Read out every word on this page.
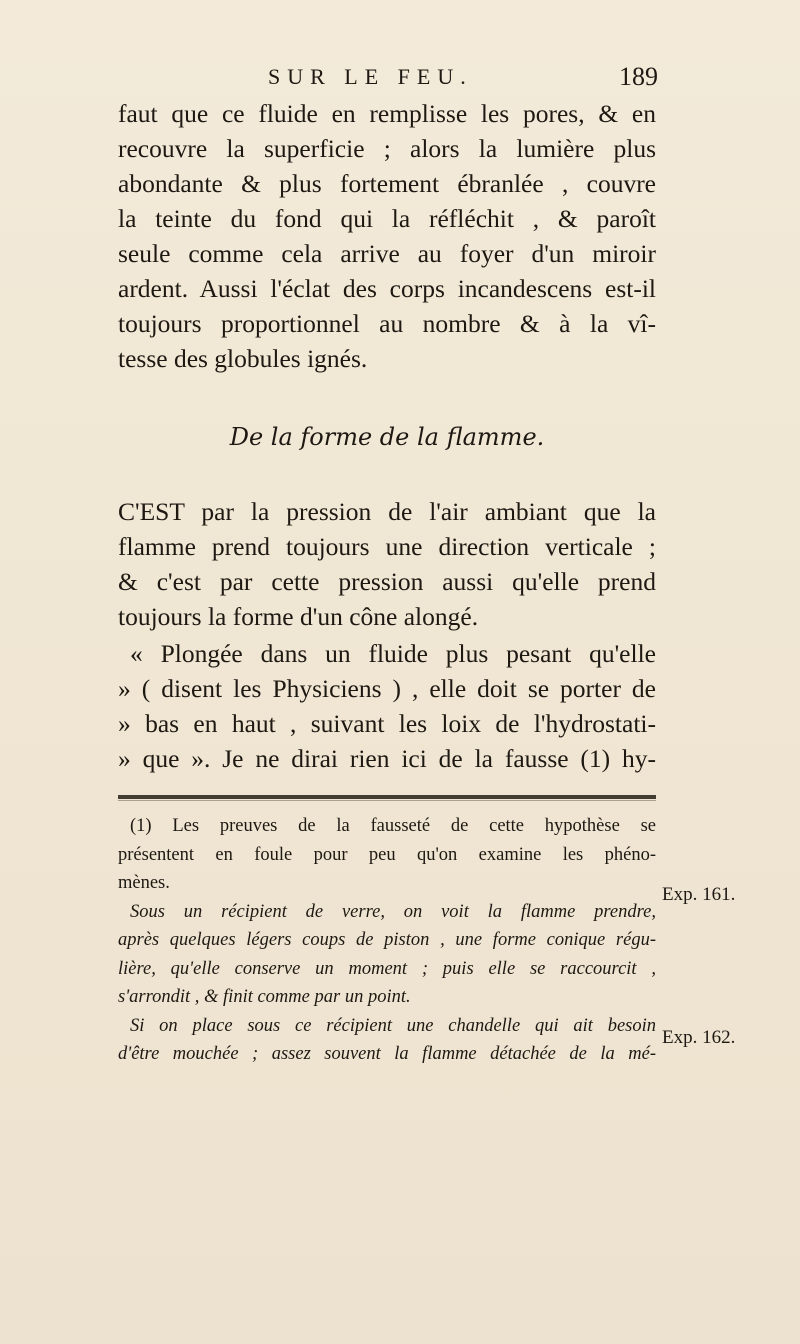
SUR LE FEU.	189
faut que ce fluide en remplisse les pores, & en
recouvre la superficie ; alors la lumière plus
abondante & plus fortement ébranlée , couvre
la teinte du fond qui la réfléchit , & paroît
seule comme cela arrive au foyer d'un miroir
ardent. Aussi l'éclat des corps incandescens est-il
toujours proportionnel au nombre & à la vî-
tesse des globules ignés.
De la forme de la flamme.
C'EST par la pression de l'air ambiant que la
flamme prend toujours une direction verticale ;
& c'est par cette pression aussi qu'elle prend
toujours la forme d'un cône alongé.
« Plongée dans un fluide plus pesant qu'elle
» ( disent les Physiciens ) , elle doit se porter de
» bas en haut , suivant les loix de l'hydrostati-
» que ». Je ne dirai rien ici de la fausse (1) hy-
(1) Les preuves de la fausseté de cette hypothèse se
présentent en foule pour peu qu'on examine les phéno-
mènes.
Sous un récipient de verre, on voit la flamme prendre,
après quelques légers coups de piston , une forme conique régu-
lière, qu'elle conserve un moment ; puis elle se raccourcit ,
s'arrondit , & finit comme par un point.
Si on place sous ce récipient une chandelle qui ait besoin
d'être mouchée ; assez souvent la flamme détachée de la mé-
Exp. 161.
Exp. 162.
